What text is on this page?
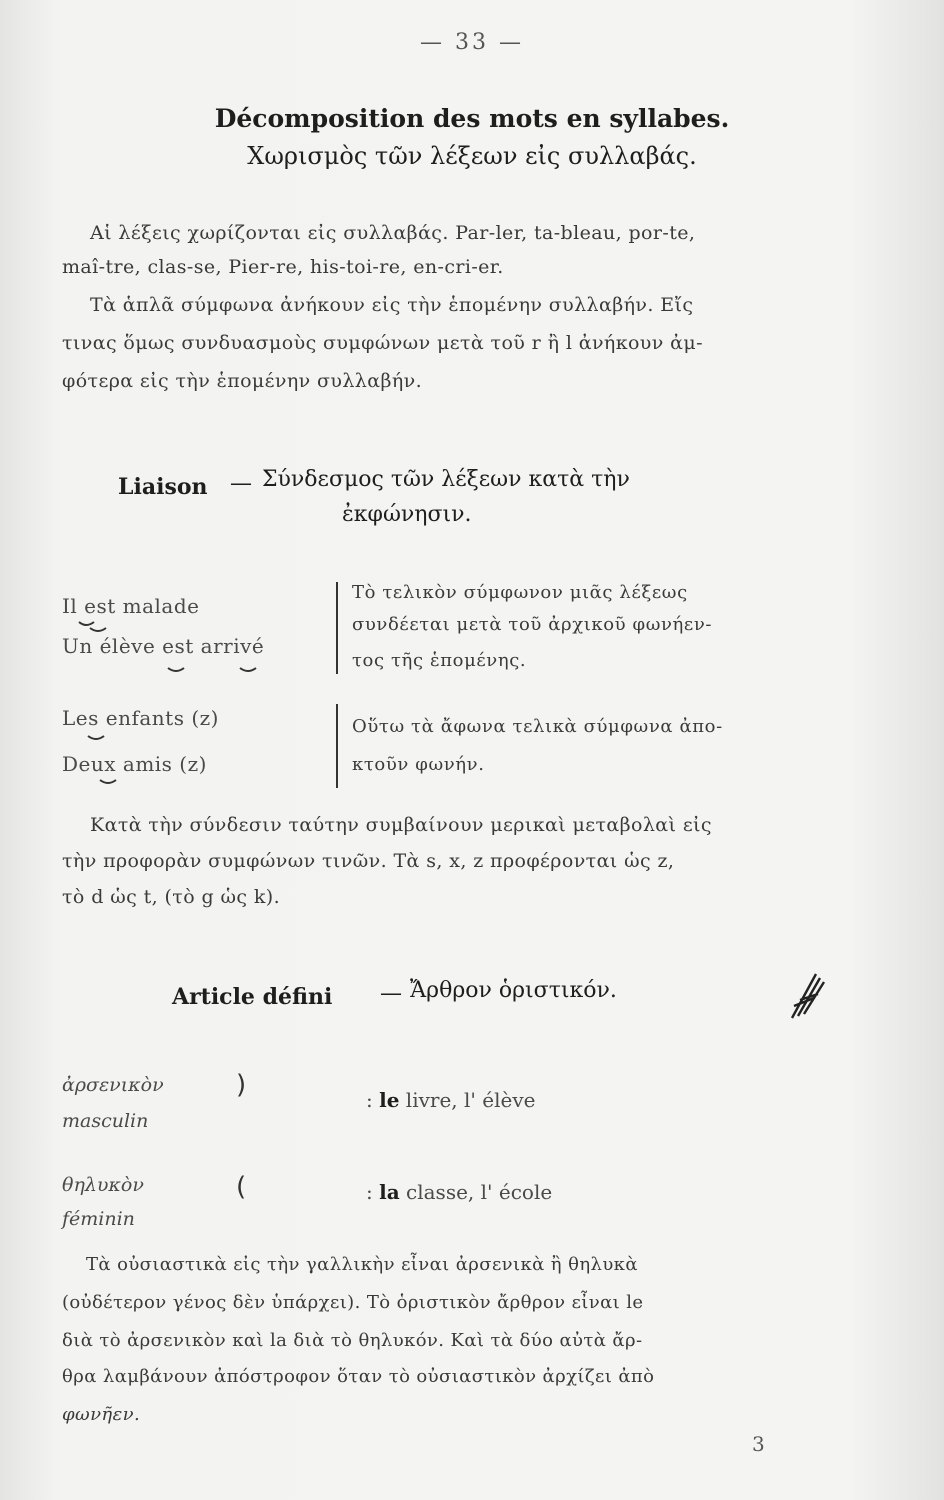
— 33 —
Décomposition des mots en syllabes.
Χωρισμὸς τῶν λέξεων εἰς συλλαβάς.
Αἱ λέξεις χωρίζονται εἰς συλλαβάς. Par-ler, ta-bleau, por-te,
maî-tre, clas-se, Pier-re, his-toi-re, en-cri-er.
Τὰ ἁπλᾶ σύμφωνα ἀνήκουν εἰς τὴν ἑπομένην συλλαβήν. Εἴς
τινας ὅμως συνδυασμοὺς συμφώνων μετὰ τοῦ r ἢ l ἀνήκουν ἀμ-
φότερα εἰς τὴν ἑπομένην συλλαβήν.
Liaison — Σύνδεσμος τῶν λέξεων κατὰ τὴν
ἐκφώνησιν.
Il est malade
Un élève est arrivé
Τὸ τελικὸν σύμφωνον μιᾶς λέξεως
συνδέεται μετὰ τοῦ ἀρχικοῦ φωνήεν-
τος τῆς ἑπομένης.
Les enfants (z)
Deux amis (z)
Οὕτω τὰ ἄφωνα τελικὰ σύμφωνα ἀπο-
κτοῦν φωνήν.
Κατὰ τὴν σύνδεσιν ταύτην συμβαίνουν μερικαὶ μεταβολαὶ εἰς
τὴν προφορὰν συμφώνων τινῶν. Τὰ s, x, z προφέρονται ὡς z,
τὸ d ὡς t, (τὸ g ὡς k).
Article défini — Ἄρθρον ὁριστικόν.
ἀρσενικὸν
masculin
)	: le livre, l' élève
θηλυκὸν
féminin
(	: la classe, l' école
Τὰ οὐσιαστικὰ εἰς τὴν γαλλικὴν εἶναι ἀρσενικὰ ἢ θηλυκὰ
(οὐδέτερον γένος δὲν ὑπάρχει). Τὸ ὁριστικὸν ἄρθρον εἶναι le
διὰ τὸ ἀρσενικὸν καὶ la διὰ τὸ θηλυκόν. Καὶ τὰ δύο αὐτὰ ἄρ-
θρα λαμβάνουν ἀπόστροφον ὅταν τὸ οὐσιαστικὸν ἀρχίζει ἀπὸ
φωνῆεν.
3
